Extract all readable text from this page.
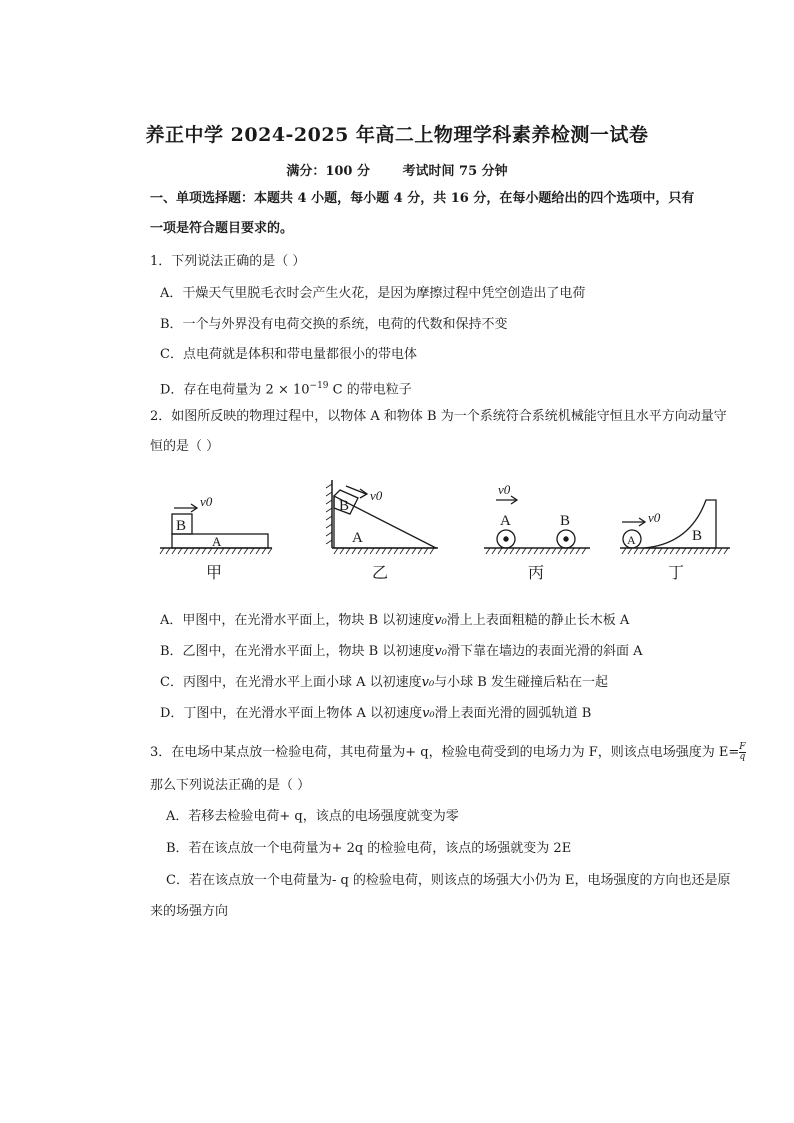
养正中学 2024-2025 年高二上物理学科素养检测一试卷
满分：100 分	考试时间 75 分钟
一、单项选择题：本题共 4 小题，每小题 4 分，共 16 分，在每小题给出的四个选项中，只有
一项是符合题目要求的。
1．下列说法正确的是（ ）
A．干燥天气里脱毛衣时会产生火花，是因为摩擦过程中凭空创造出了电荷
B．一个与外界没有电荷交换的系统，电荷的代数和保持不变
C．点电荷就是体积和带电量都很小的带电体
D．存在电荷量为 $2 \times 10^{-19}$ C 的带电粒子
2．如图所反映的物理过程中，以物体 A 和物体 B 为一个系统符合系统机械能守恒且水平方向动量守
恒的是（ ）
B
A
v0
甲
B
A
v0
乙
v0
A	B
丙
v0
A	B
丁
A．甲图中，在光滑水平面上，物块 B 以初速度v₀滑上上表面粗糙的静止长木板 A
B．乙图中，在光滑水平面上，物块 B 以初速度v₀滑下靠在墙边的表面光滑的斜面 A
C．丙图中，在光滑水平上面小球 A 以初速度v₀与小球 B 发生碰撞后粘在一起
D．丁图中，在光滑水平面上物体 A 以初速度v₀滑上表面光滑的圆弧轨道 B
3．在电场中某点放一检验电荷，其电荷量为+ q，检验电荷受到的电场力为 F，则该点电场强度为 $E= \frac{F}{q}$
那么下列说法正确的是（ ）
A．若移去检验电荷+ q，该点的电场强度就变为零
B．若在该点放一个电荷量为+ 2q 的检验电荷，该点的场强就变为 2E
C．若在该点放一个电荷量为- q 的检验电荷，则该点的场强大小仍为 E，电场强度的方向也还是原
来的场强方向
